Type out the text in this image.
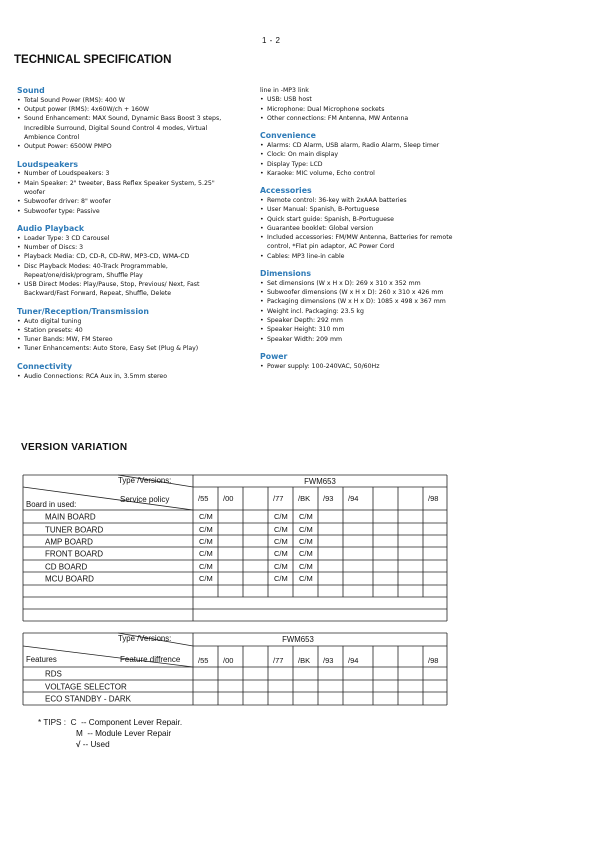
1 - 2
TECHNICAL SPECIFICATION
Sound
• Total Sound Power (RMS): 400 W
• Output power (RMS): 4x60W/ch + 160W
• Sound Enhancement: MAX Sound, Dynamic Bass Boost 3 steps, Incredible Surround, Digital Sound Control 4 modes, Virtual Ambience Control
• Output Power: 6500W PMPO
Loudspeakers
• Number of Loudspeakers: 3
• Main Speaker: 2" tweeter, Bass Reflex Speaker System, 5.25" woofer
• Subwoofer driver: 8" woofer
• Subwoofer type: Passive
Audio Playback
• Loader Type: 3 CD Carousel
• Number of Discs: 3
• Playback Media: CD, CD-R, CD-RW, MP3-CD, WMA-CD
• Disc Playback Modes: 40-Track Programmable, Repeat/one/disk/program, Shuffle Play
• USB Direct Modes: Play/Pause, Stop, Previous/ Next, Fast Backward/Fast Forward, Repeat, Shuffle, Delete
Tuner/Reception/Transmission
• Auto digital tuning
• Station presets: 40
• Tuner Bands: MW, FM Stereo
• Tuner Enhancements: Auto Store, Easy Set (Plug & Play)
Connectivity
• Audio Connections: RCA Aux in, 3.5mm stereo
line in -MP3 link
• USB: USB host
• Microphone: Dual Microphone sockets
• Other connections: FM Antenna, MW Antenna
Convenience
• Alarms: CD Alarm, USB alarm, Radio Alarm, Sleep timer
• Clock: On main display
• Display Type: LCD
• Karaoke: MIC volume, Echo control
Accessories
• Remote control: 36-key with 2xAAA batteries
• User Manual: Spanish, B-Portuguese
• Quick start guide: Spanish, B-Portuguese
• Guarantee booklet: Global version
• Included accessories: FM/MW Antenna, Batteries for remote control, *Flat pin adaptor, AC Power Cord
• Cables: MP3 line-in cable
Dimensions
• Set dimensions (W x H x D): 269 x 310 x 352 mm
• Subwoofer dimensions (W x H x D): 260 x 310 x 426 mm
• Packaging dimensions (W x H x D): 1085 x 498 x 367 mm
• Weight incl. Packaging: 23.5 kg
• Speaker Depth: 292 mm
• Speaker Height: 310 mm
• Speaker Width: 209 mm
Power
• Power supply: 100-240VAC, 50/60Hz
VERSION VARIATION
Type /Versions:	FWM653
Service policy
Board in used:
/55 /00	/77 /BK /93 /94	/98
MAIN BOARD	C/M	C/M C/M
TUNER BOARD	C/M	C/M C/M
AMP BOARD	C/M	C/M C/M
FRONT BOARD	C/M	C/M C/M
CD BOARD	C/M	C/M C/M
MCU BOARD	C/M	C/M C/M
Type /Versions:	FWM653
Feature diffrence
Features	/55 /00	/77 /BK /93 /94	/98
RDS
VOLTAGE SELECTOR
ECO STANDBY - DARK
* TIPS :  C  -- Component Lever Repair.
M  -- Module Lever Repair
√ -- Used
